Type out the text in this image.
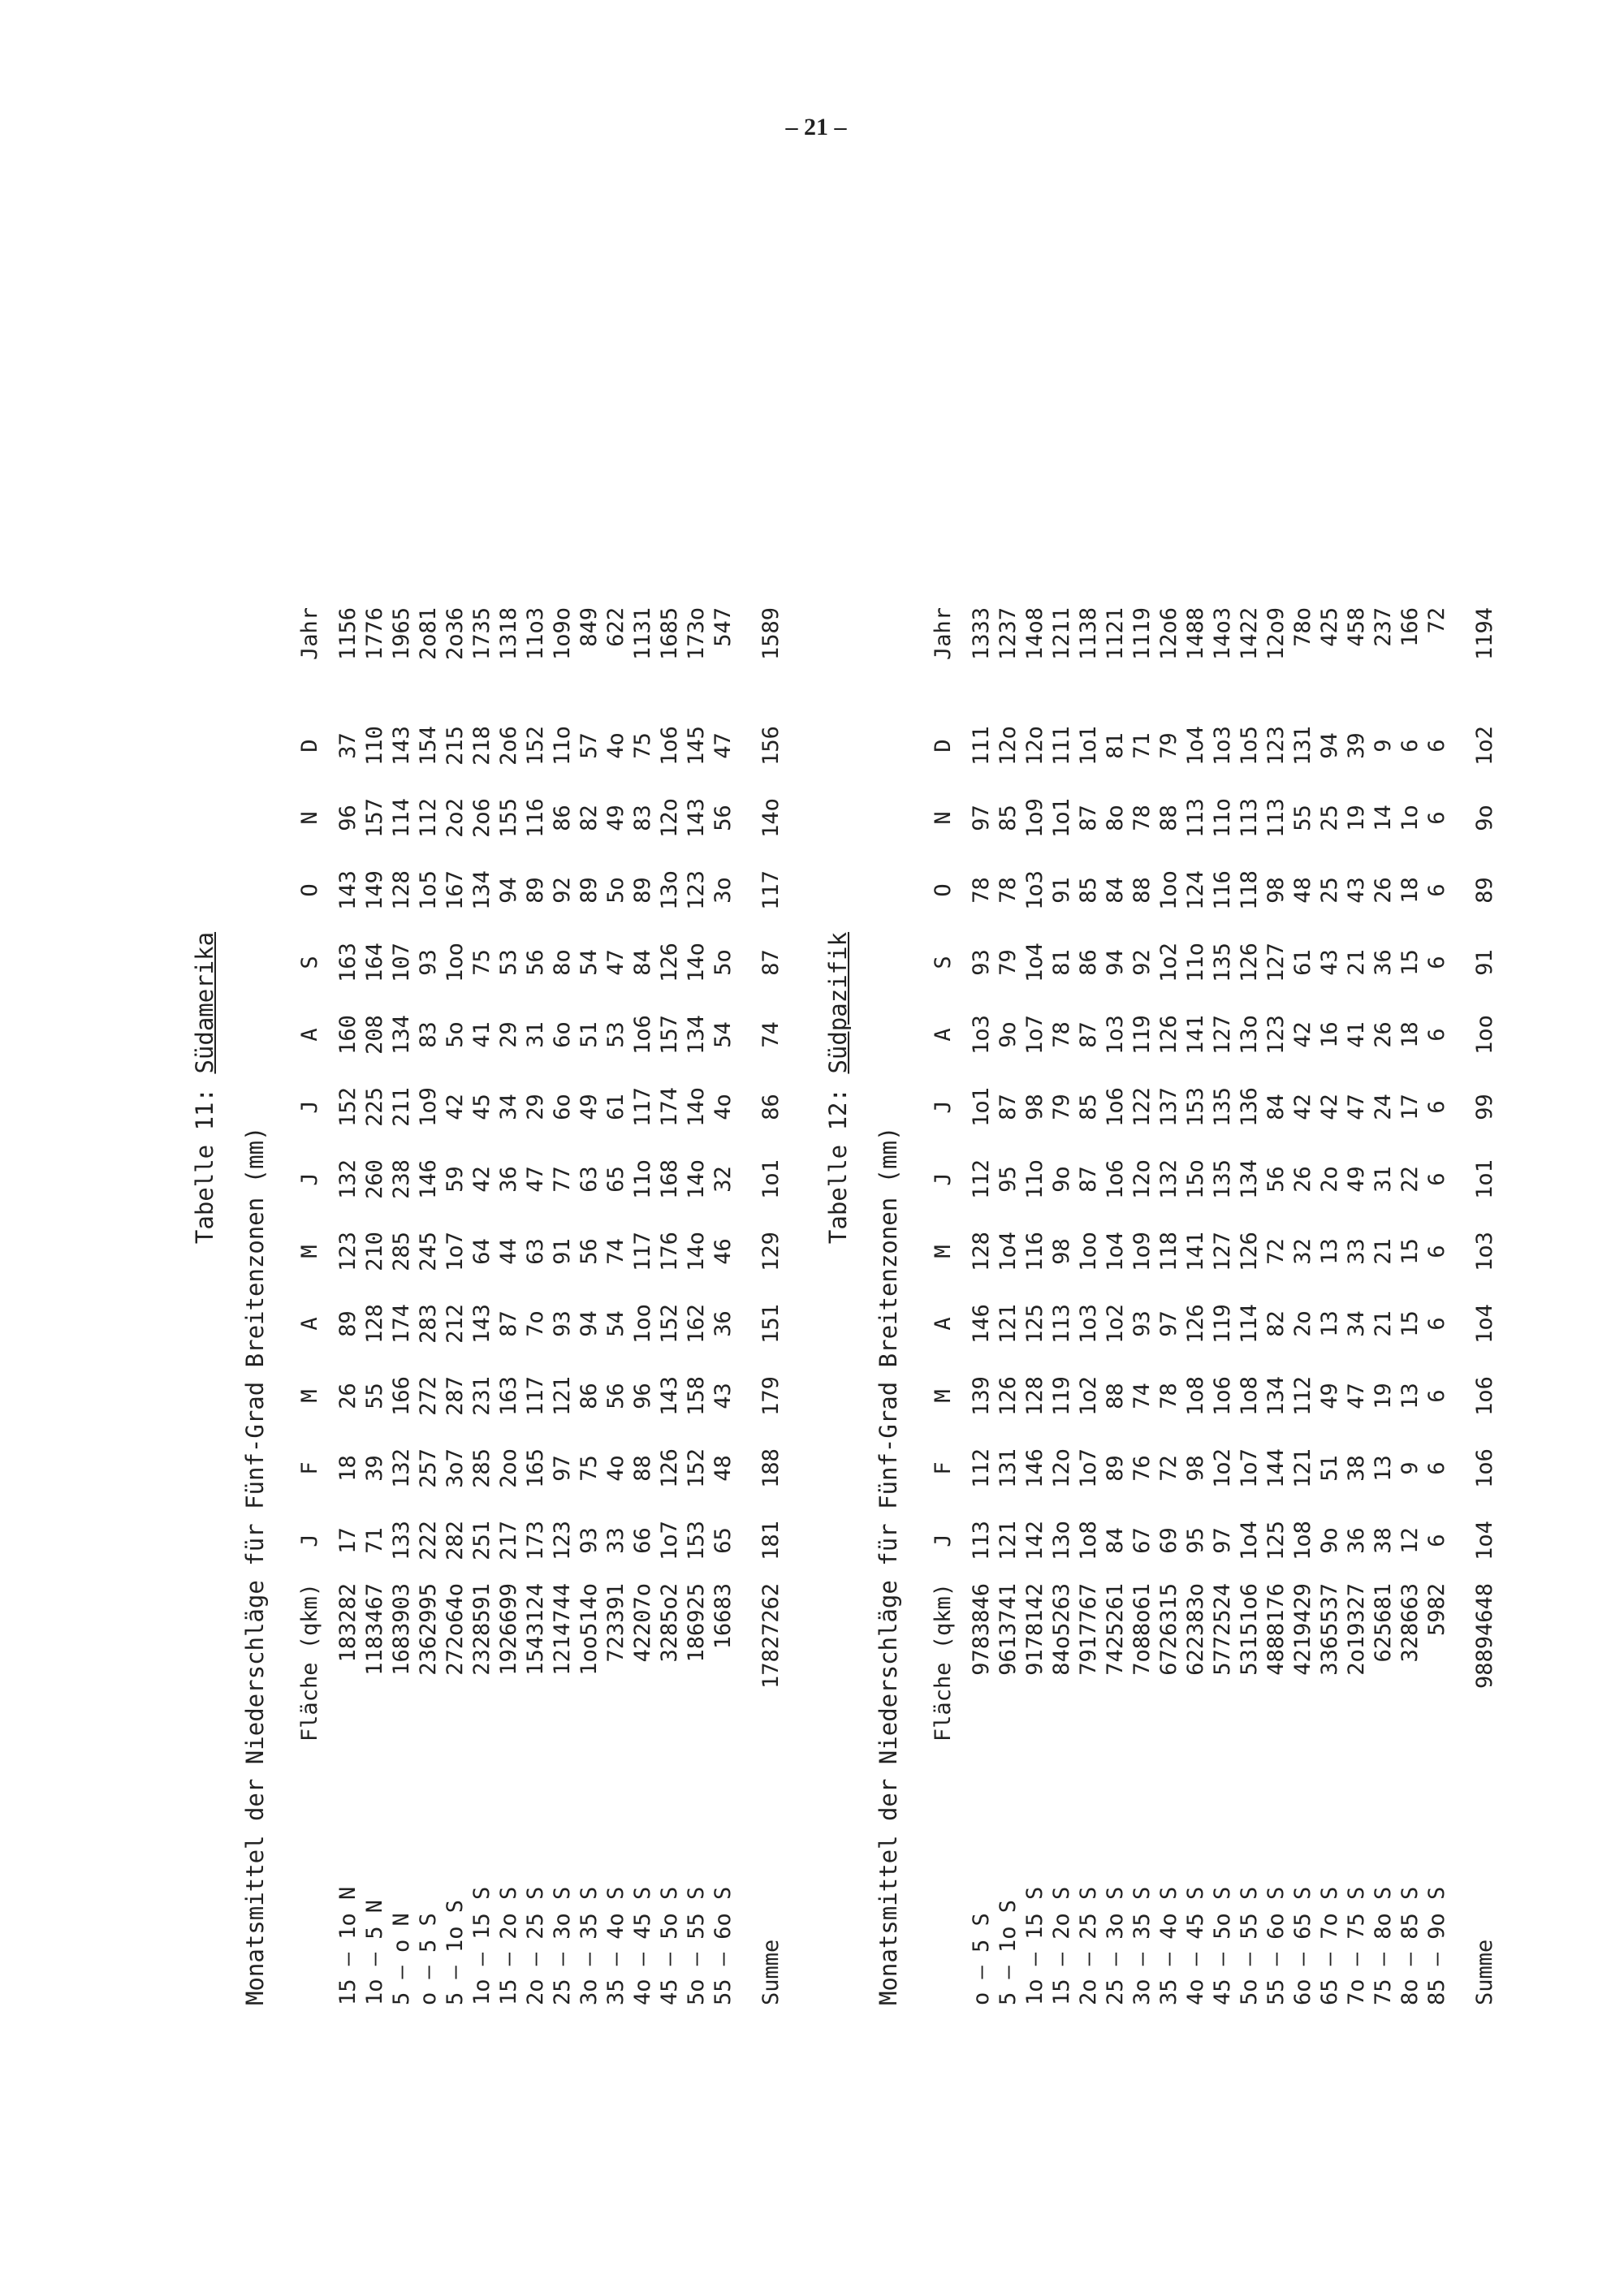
– 21 –
Tabelle 11: Südamerika
Monatsmittel der Niederschläge für Fünf-Grad Breitenzonen (mm)
	Fläche (qkm)	J	F	M	A	M	J	J	A	S	O	N	D	Jahr
15 – 1o N	183282	17	18	26	89	123	132	152	160	163	143	96	37	1156
1o – 5 N	1183467	71	39	55	128	210	260	225	208	164	149	157	110	1776
5 – o N	1683903	133	132	166	174	285	238	211	134	107	128	114	143	1965
o – 5 S	2362995	222	257	272	283	245	146	1o9	83	93	1o5	112	154	2o81
5 – 1o S	272o64o	282	3o7	287	212	1o7	59	42	5o	1oo	167	2o2	215	2o36
1o – 15 S	2328591	251	285	231	143	64	42	45	41	75	134	2o6	218	1735
15 – 2o S	1926699	217	2oo	163	87	44	36	34	29	53	94	155	2o6	1318
2o – 25 S	1543124	173	165	117	7o	63	47	29	31	56	89	116	152	11o3
25 – 3o S	1214744	123	97	121	93	91	77	6o	6o	8o	92	86	11o	1o9o
3o – 35 S	1oo514o	93	75	86	94	56	63	49	51	54	89	82	57	849
35 – 4o S	723391	33	4o	56	54	74	65	61	53	47	5o	49	4o	622
4o – 45 S	42207o	66	88	96	1oo	117	11o	117	1o6	84	89	83	75	1131
45 – 5o S	3285o2	1o7	126	143	152	176	168	174	157	126	13o	12o	1o6	1685
5o – 55 S	186925	153	152	158	162	14o	14o	14o	134	14o	123	143	145	173o
55 – 6o S	16683	65	48	43	36	46	32	4o	54	5o	3o	56	47	547
Summe	17827262	181	188	179	151	129	1o1	86	74	87	117	14o	156	1589
Tabelle 12: Südpazifik
Monatsmittel der Niederschläge für Fünf-Grad Breitenzonen (mm)
	Fläche (qkm)	J	F	M	A	M	J	J	A	S	O	N	D	Jahr
o – 5 S	9783846	113	112	139	146	128	112	1o1	1o3	93	78	97	111	1333
5 – 1o S	9613741	121	131	126	121	1o4	95	87	9o	79	78	85	12o	1237
1o – 15 S	9178142	142	146	128	125	116	11o	98	1o7	1o4	1o3	1o9	12o	14o8
15 – 2o S	84o5263	13o	12o	119	113	98	9o	79	78	81	91	1o1	111	1211
2o – 25 S	7917767	1o8	1o7	1o2	1o3	1oo	87	85	87	86	85	87	1o1	1138
25 – 3o S	7425261	84	89	88	1o2	1o4	1o6	1o6	1o3	94	84	8o	81	1121
3o – 35 S	7o88o61	67	76	74	93	1o9	12o	122	119	92	88	78	71	1119
35 – 4o S	6726315	69	72	78	97	118	132	137	126	1o2	1oo	88	79	12o6
4o – 45 S	622383o	95	98	1o8	126	141	15o	153	141	11o	124	113	1o4	1488
45 – 5o S	5772524	97	1o2	1o6	119	127	135	135	127	135	116	11o	1o3	14o3
5o – 55 S	53151o6	1o4	1o7	1o8	114	126	134	136	13o	126	118	113	1o5	1422
55 – 6o S	4888176	125	144	134	82	72	56	84	123	127	98	113	123	12o9
6o – 65 S	4219429	1o8	121	112	2o	32	26	42	42	61	48	55	131	78o
65 – 7o S	3365537	9o	51	49	13	13	2o	42	16	43	25	25	94	425
7o – 75 S	2o19327	36	38	47	34	33	49	47	41	21	43	19	39	458
75 – 8o S	625681	38	13	19	21	21	31	24	26	36	26	14	9	237
8o – 85 S	328663	12	9	13	15	15	22	17	18	15	18	1o	6	166
85 – 9o S	5982	6	6	6	6	6	6	6	6	6	6	6	6	72
Summe	98894648	1o4	1o6	1o6	1o4	1o3	1o1	99	1oo	91	89	9o	1o2	1194
